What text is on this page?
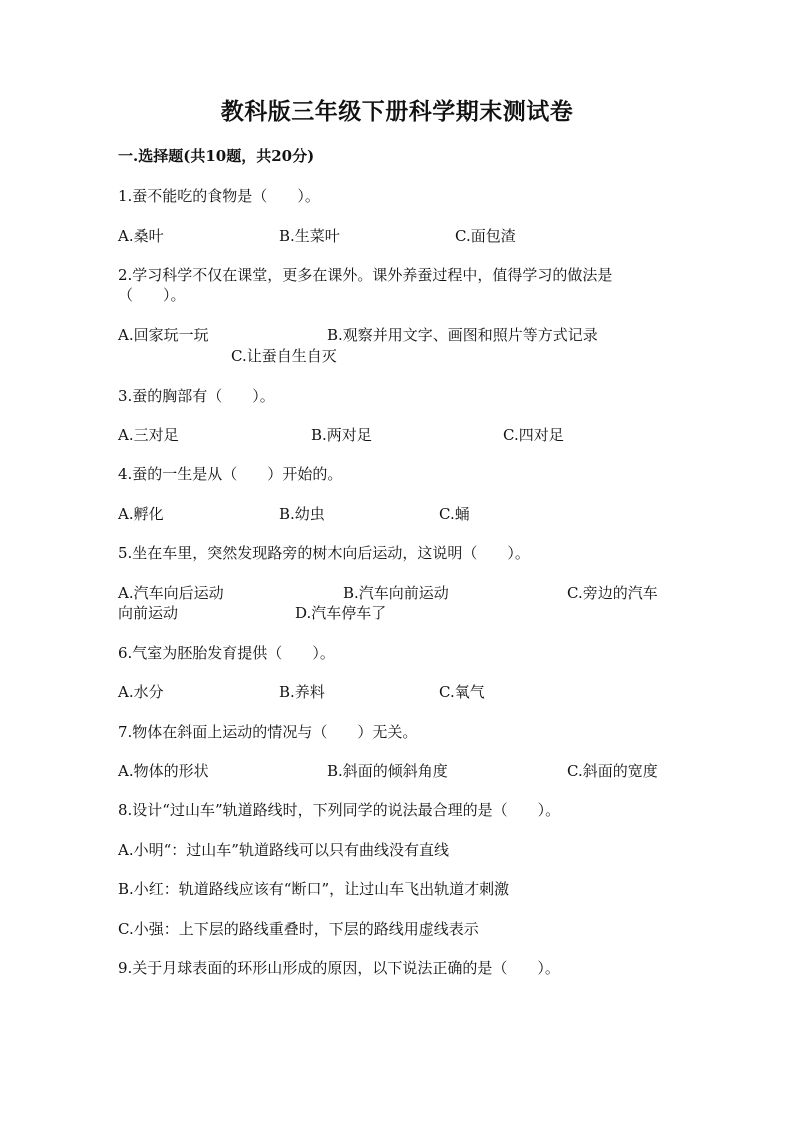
教科版三年级下册科学期末测试卷
一.选择题(共10题，共20分)
1.蚕不能吃的食物是（　　）。
A.桑叶	B.生菜叶	C.面包渣
2.学习科学不仅在课堂，更多在课外。课外养蚕过程中，值得学习的做法是
（　　）。
A.回家玩一玩	B.观察并用文字、画图和照片等方式记录
C.让蚕自生自灭
3.蚕的胸部有（　　）。
A.三对足	B.两对足	C.四对足
4.蚕的一生是从（　　）开始的。
A.孵化	B.幼虫	C.蛹
5.坐在车里，突然发现路旁的树木向后运动，这说明（　　）。
A.汽车向后运动	B.汽车向前运动	C.旁边的汽车
向前运动	D.汽车停车了
6.气室为胚胎发育提供（　　）。
A.水分	B.养料	C.氧气
7.物体在斜面上运动的情况与（　　）无关。
A.物体的形状	B.斜面的倾斜角度	C.斜面的宽度
8.设计“过山车”轨道路线时，下列同学的说法最合理的是（　　）。
A.小明“：过山车”轨道路线可以只有曲线没有直线
B.小红：轨道路线应该有“断口”，让过山车飞出轨道才刺激
C.小强：上下层的路线重叠时，下层的路线用虚线表示
9.关于月球表面的环形山形成的原因，以下说法正确的是（　　）。
